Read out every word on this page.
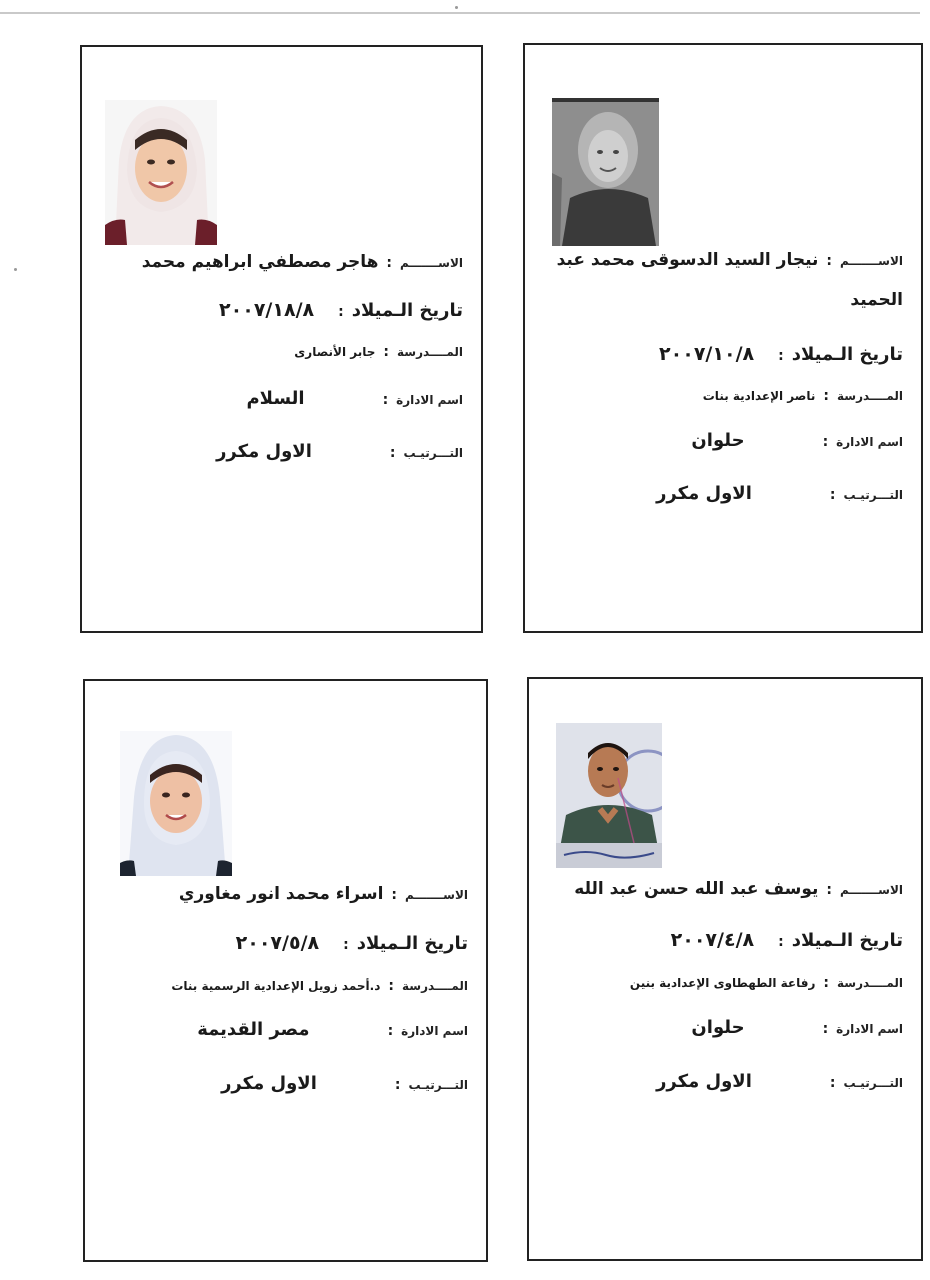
الاســـــــم
:
نيجار السيد الدسوقى محمد عبد
الحميد
تاريخ الـميلاد
:
٢٠٠٧/١٠/٨
المــــدرسة
:
ناصر الإعدادية بنات
اسم الادارة
:
حلوان
التـــرتيـب
:
الاول مكرر
الاســـــــم
:
هاجر مصطفي ابراهيم محمد
تاريخ الـميلاد
:
٢٠٠٧/١٨/٨
المــــدرسة
:
جابر الأنصارى
اسم الادارة
:
السلام
التـــرتيـب
:
الاول مكرر
الاســـــــم
:
يوسف عبد الله حسن عبد الله
تاريخ الـميلاد
:
٢٠٠٧/٤/٨
المــــدرسة
:
رفاعة الطهطاوى الإعدادية بنين
اسم الادارة
:
حلوان
التـــرتيـب
:
الاول مكرر
الاســـــــم
:
اسراء محمد انور مغاوري
تاريخ الـميلاد
:
٢٠٠٧/٥/٨
المــــدرسة
:
د.أحمد زويل الإعدادية الرسمية بنات
اسم الادارة
:
مصر القديمة
التـــرتيـب
:
الاول مكرر
